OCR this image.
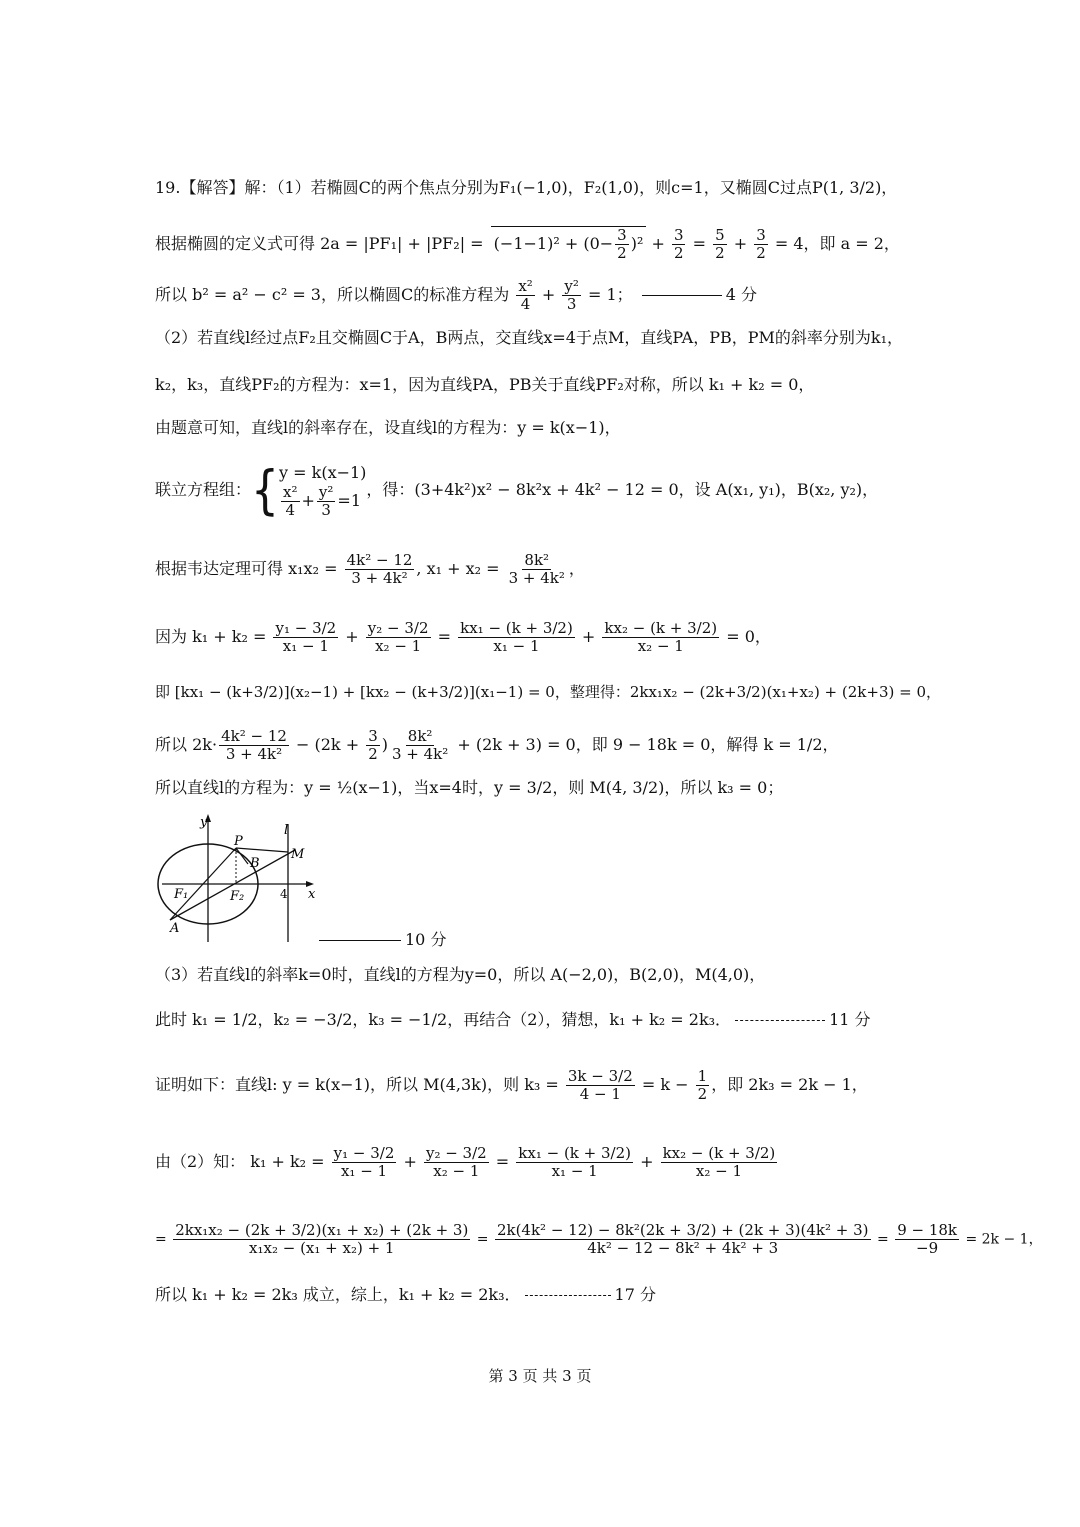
19.【解答】解：（1）若椭圆C的两个焦点分别为F₁(−1,0)，F₂(1,0)，则c=1，又椭圆C过点P(1, 3/2)，
根据椭圆的定义式可得 $2a = |PF_1| + |PF_2| = (-1-1)^2 + (0- \frac{3}{2} )^2 + \frac{3}{2} = \frac{5}{2} + \frac{3}{2} = 4$，即 a = 2，
所以 b² = a² − c² = 3，所以椭圆C的标准方程为 $\frac{\text{x²}}{4} + \frac{\text{y²}}{3} = 1$；	4 分
（2）若直线l经过点F₂且交椭圆C于A，B两点，交直线x=4于点M，直线PA，PB，PM的斜率分别为k₁，
k₂，k₃，直线PF₂的方程为：x=1，因为直线PA，PB关于直线PF₂对称，所以 k₁ + k₂ = 0，
由题意可知，直线l的斜率存在，设直线l的方程为：y = k(x−1)，
联立方程组：{ y = k(x−1)
$\frac{\text{x²}}{4} + \frac{\text{y²}}{3} =1$
，得：(3+4k²)x² − 8k²x + 4k² − 12 = 0，设 A(x₁, y₁)，B(x₂, y₂)，
根据韦达定理可得 $x_1x_2 = \frac{\text{4k² − 12}}{\text{3 + 4k²}}$ , $x_1 + x_2 = \frac{\text{8k²}}{\text{3 + 4k²}}$ ，
因为 $k_1 + k_2 = \frac{\text{y₁ − 3/2}}{\text{x₁ − 1}} + \frac{\text{y₂ − 3/2}}{\text{x₂ − 1}} = \frac{\text{kx₁ − (k + 3/2)}}{\text{x₁ − 1}} + \frac{\text{kx₂ − (k + 3/2)}}{\text{x₂ − 1}} = 0$，
即 [kx₁ − (k+3/2)](x₂−1) + [kx₂ − (k+3/2)](x₁−1) = 0，整理得：2kx₁x₂ − (2k+3/2)(x₁+x₂) + (2k+3) = 0，
所以 $2k\cdot \frac{\text{4k² − 12}}{\text{3 + 4k²}} - (2k + \frac{3}{2}$ ) $\frac{\text{8k²}}{\text{3 + 4k²}} + (2k + 3) = 0$，即 9 − 18k = 0，解得 k = 1/2，
所以直线l的方程为：y = ½(x−1)，当x=4时，y = 3/2，则 M(4, 3/2)，所以 k₃ = 0；
y
x
P
B
M
F₁	F₂	4
l
A
10 分
（3）若直线l的斜率k=0时，直线l的方程为y=0，所以 A(−2,0)，B(2,0)，M(4,0)，
此时 k₁ = 1/2，k₂ = −3/2，k₃ = −1/2，再结合（2），猜想，k₁ + k₂ = 2k₃．	11 分
证明如下：直线l: y = k(x−1)，所以 M(4,3k)，则 $k_3 = \frac{3k - 3/2}{4 - 1} = k - \frac{1}{2}$ ，即 2k₃ = 2k − 1，
由（2）知： $k_1 + k_2 = \frac{\text{y₁ − 3/2}}{\text{x₁ − 1}} + \frac{\text{y₂ − 3/2}}{\text{x₂ − 1}} = \frac{\text{kx₁ − (k + 3/2)}}{\text{x₁ − 1}} + \frac{\text{kx₂ − (k + 3/2)}}{\text{x₂ − 1}}$
= $\frac{\text{2kx₁x₂ − (2k + 3/2)(x₁ + x₂) + (2k + 3)}}{\text{x₁x₂ − (x₁ + x₂) + 1}} = \frac{\text{2k(4k² − 12) − 8k²(2k + 3/2) + (2k + 3)(4k² + 3)}}{\text{4k² − 12 − 8k² + 4k² + 3}} = \frac{9 - 18k}{-9} = 2k - 1$，
所以 k₁ + k₂ = 2k₃ 成立，综上，k₁ + k₂ = 2k₃．	17 分
第 3 页 共 3 页
